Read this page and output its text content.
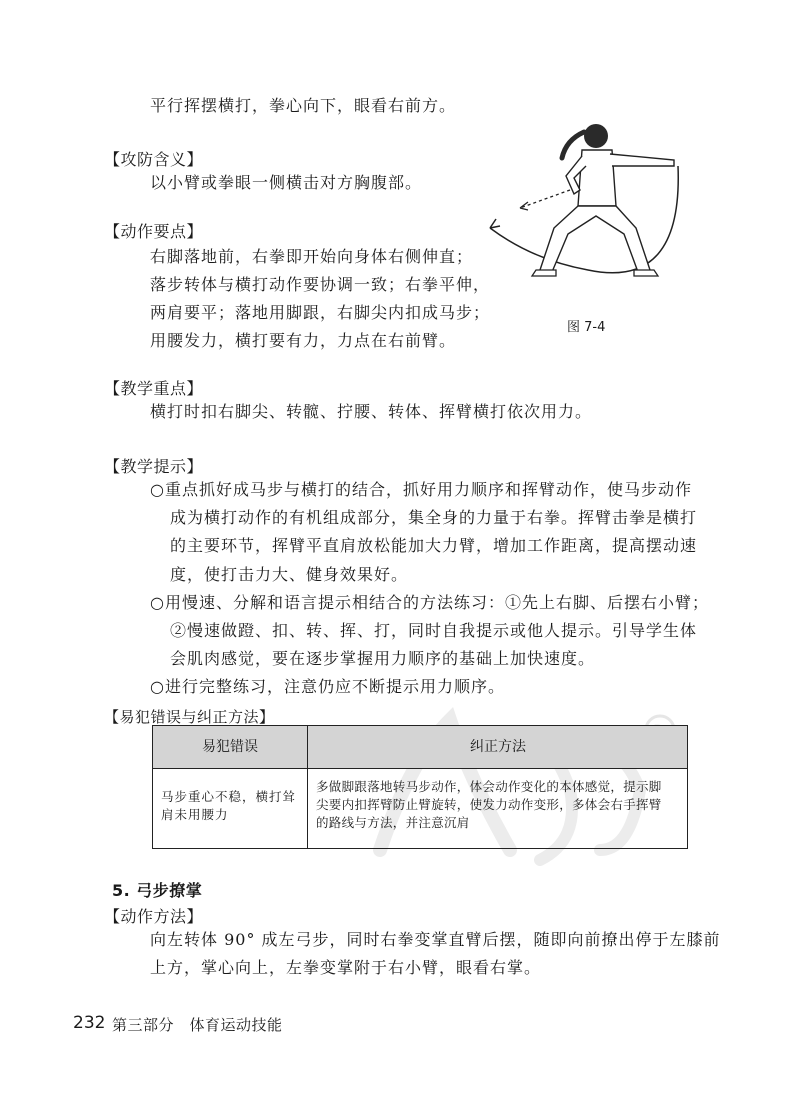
平行挥摆横打，拳心向下，眼看右前方。
【攻防含义】
以小臂或拳眼一侧横击对方胸腹部。
【动作要点】
右脚落地前，右拳即开始向身体右侧伸直；
落步转体与横打动作要协调一致；右拳平伸，
两肩要平；落地用脚跟，右脚尖内扣成马步；
用腰发力，横打要有力，力点在右前臂。
图 7-4
【教学重点】
横打时扣右脚尖、转髋、拧腰、转体、挥臂横打依次用力。
【教学提示】
○重点抓好成马步与横打的结合，抓好用力顺序和挥臂动作，使马步动作
成为横打动作的有机组成部分，集全身的力量于右拳。挥臂击拳是横打
的主要环节，挥臂平直肩放松能加大力臂，增加工作距离，提高摆动速
度，使打击力大、健身效果好。
○用慢速、分解和语言提示相结合的方法练习：①先上右脚、后摆右小臂；
②慢速做蹬、扣、转、挥、打，同时自我提示或他人提示。引导学生体
会肌肉感觉，要在逐步掌握用力顺序的基础上加快速度。
○进行完整练习，注意仍应不断提示用力顺序。
【易犯错误与纠正方法】
易犯错误	纠正方法
马步重心不稳，横打耸
肩未用腰力
多做脚跟落地转马步动作，体会动作变化的本体感觉，提示脚
尖要内扣挥臂防止臂旋转，使发力动作变形，多体会右手挥臂
的路线与方法，并注意沉肩
5. 弓步撩掌
【动作方法】
向左转体 90° 成左弓步，同时右拳变掌直臂后摆，随即向前撩出停于左膝前
上方，掌心向上，左拳变掌附于右小臂，眼看右掌。
232 第三部分　体育运动技能
